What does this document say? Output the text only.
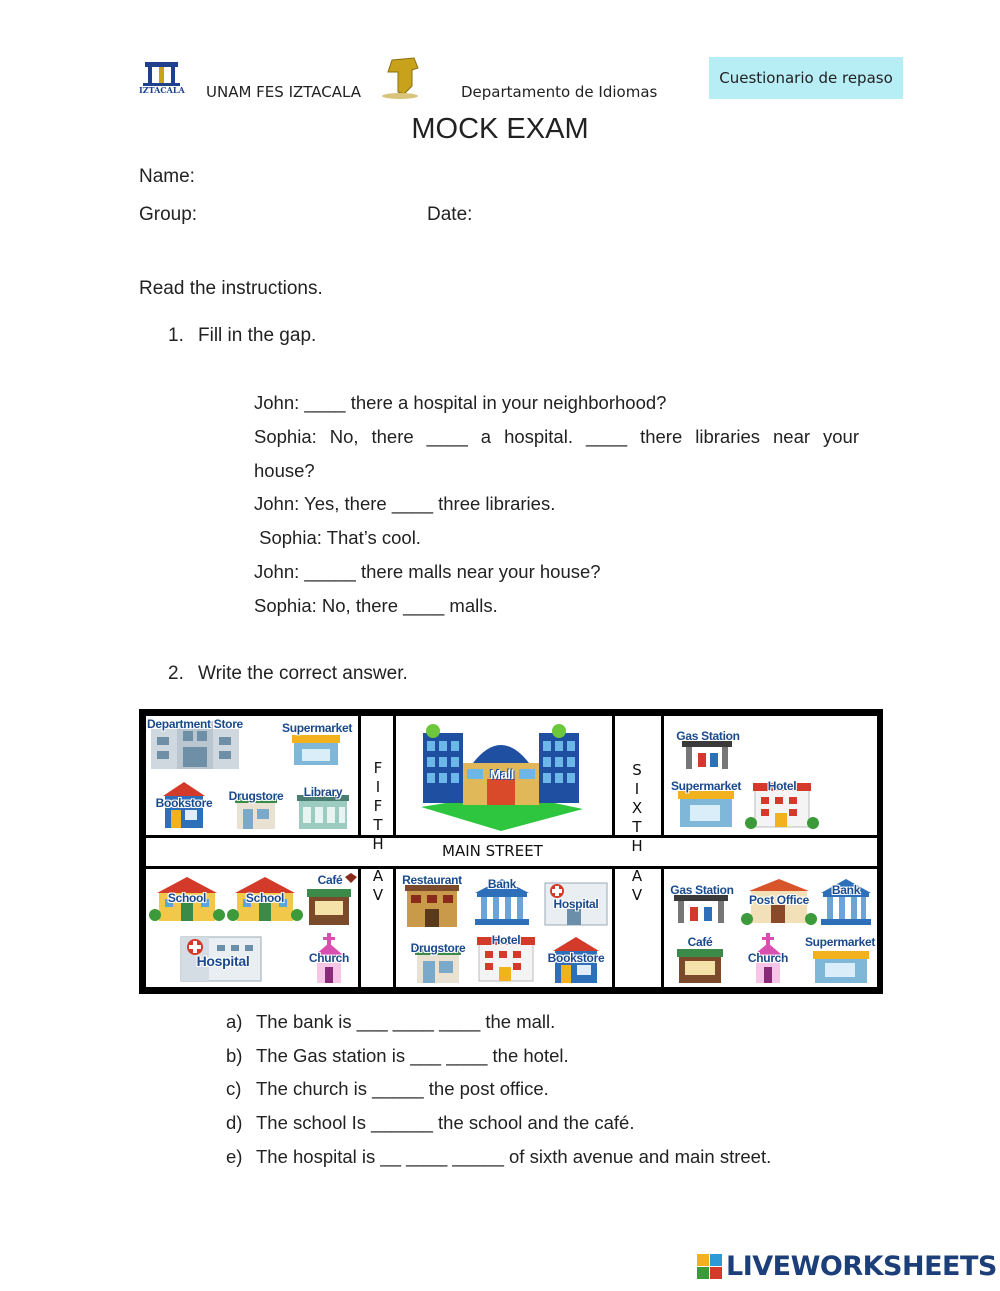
IZTACALA UNAM FES IZTACALA	Departamento de Idiomas
Cuestionario de repaso
MOCK EXAM
Name:
Group:	Date:
Read the instructions.
1. Fill in the gap.

John: ____ there a hospital in your neighborhood?

Sophia: No, there ____ a hospital. ____ there libraries near your

house?

John: Yes, there ____ three libraries.

Sophia: That’s cool.

John: _____ there malls near your house?

Sophia: No, there ____ malls.

2. Write the correct answer.
MAIN STREET
F
I
F
T
H
A
V
S
I
X
T
H
A
V
Department Store	Supermarket
Bookstore	Drugstore	Library
Mall
Gas Station
Supermarket	Hotel
School	School
Café
Hospital	Church
Restaurant	Bank
Hospital
Drugstore
Hotel
Bookstore
Gas Station
Post Office
Bank
Café
Church
Supermarket
a) The bank is ___ ____ ____ the mall.
b) The Gas station is ___ ____ the hotel.
c) The church is _____ the post office.
d) The school Is ______ the school and the café.
e) The hospital is __ ____ _____ of sixth avenue and main street.
LIVEWORKSHEETS
